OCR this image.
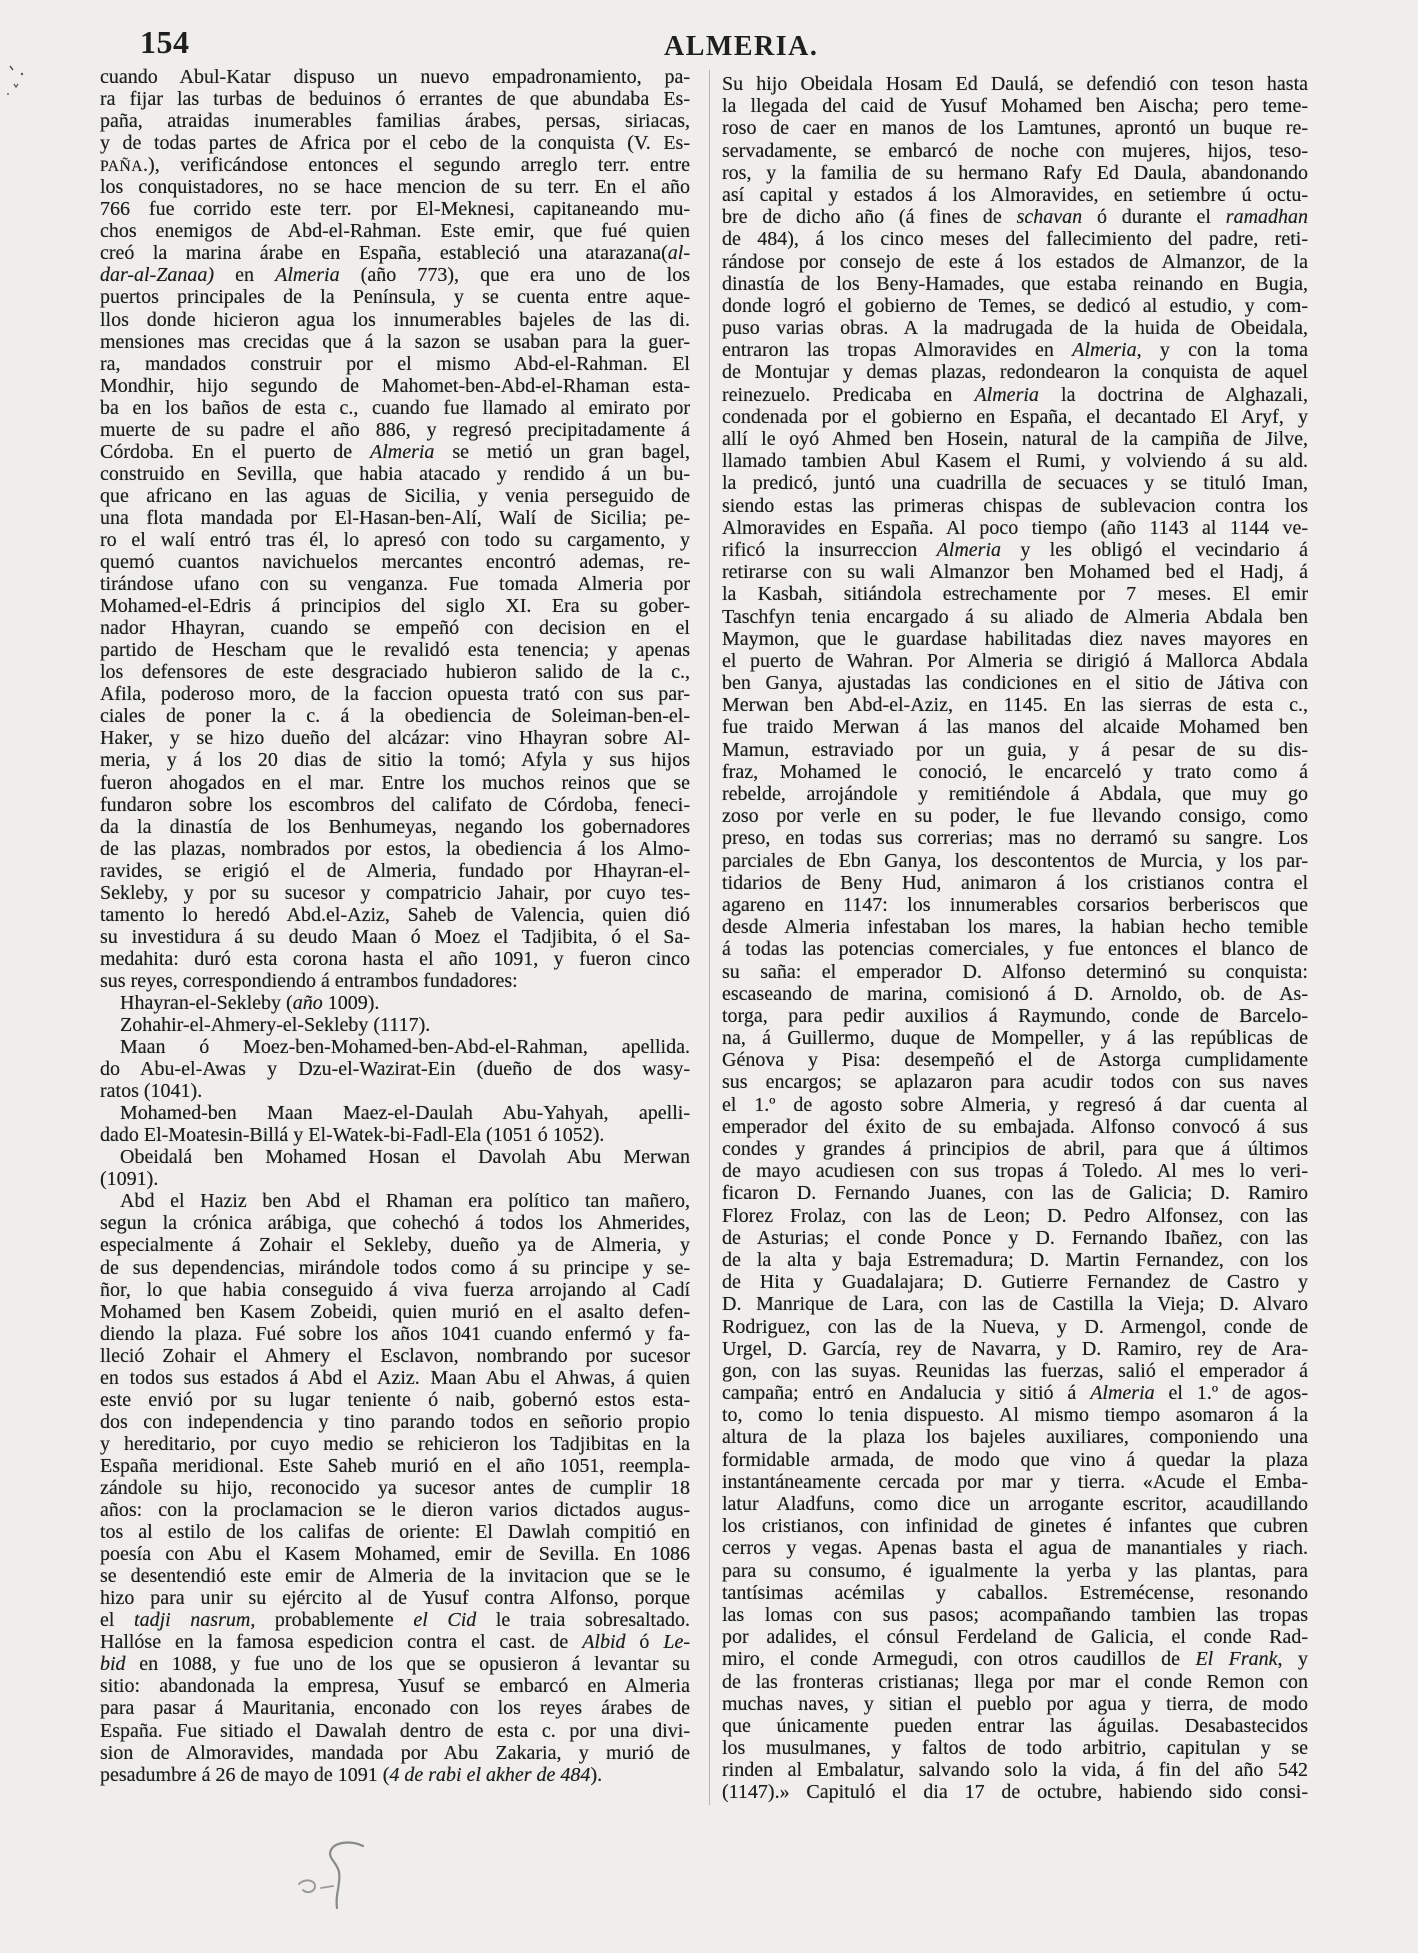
154	ALMERIA.
cuando Abul-Katar dispuso un nuevo empadronamiento, pa-
ra fijar las turbas de beduinos ó errantes de que abundaba Es-
paña, atraidas inumerables familias árabes, persas, siriacas,
y de todas partes de Africa por el cebo de la conquista (V. Es-
PAÑA.), verificándose entonces el segundo arreglo terr. entre
los conquistadores, no se hace mencion de su terr. En el año
766 fue corrido este terr. por El-Meknesi, capitaneando mu-
chos enemigos de Abd-el-Rahman. Este emir, que fué quien
creó la marina árabe en España, estableció una atarazana(al-
dar-al-Zanaa) en Almeria (año 773), que era uno de los
puertos principales de la Península, y se cuenta entre aque-
llos donde hicieron agua los innumerables bajeles de las di.
mensiones mas crecidas que á la sazon se usaban para la guer-
ra, mandados construir por el mismo Abd-el-Rahman. El
Mondhir, hijo segundo de Mahomet-ben-Abd-el-Rhaman esta-
ba en los baños de esta c., cuando fue llamado al emirato por
muerte de su padre el año 886, y regresó precipitadamente á
Córdoba. En el puerto de Almeria se metió un gran bagel,
construido en Sevilla, que habia atacado y rendido á un bu-
que africano en las aguas de Sicilia, y venia perseguido de
una flota mandada por El-Hasan-ben-Alí, Walí de Sicilia; pe-
ro el walí entró tras él, lo apresó con todo su cargamento, y
quemó cuantos navichuelos mercantes encontró ademas, re-
tirándose ufano con su venganza. Fue tomada Almeria por
Mohamed-el-Edris á principios del siglo XI. Era su gober-
nador Hhayran, cuando se empeñó con decision en el
partido de Hescham que le revalidó esta tenencia; y apenas
los defensores de este desgraciado hubieron salido de la c.,
Afila, poderoso moro, de la faccion opuesta trató con sus par-
ciales de poner la c. á la obediencia de Soleiman-ben-el-
Haker, y se hizo dueño del alcázar: vino Hhayran sobre Al-
meria, y á los 20 dias de sitio la tomó; Afyla y sus hijos
fueron ahogados en el mar. Entre los muchos reinos que se
fundaron sobre los escombros del califato de Córdoba, feneci-
da la dinastía de los Benhumeyas, negando los gobernadores
de las plazas, nombrados por estos, la obediencia á los Almo-
ravides, se erigió el de Almeria, fundado por Hhayran-el-
Sekleby, y por su sucesor y compatricio Jahair, por cuyo tes-
tamento lo heredó Abd.el-Aziz, Saheb de Valencia, quien dió
su investidura á su deudo Maan ó Moez el Tadjibita, ó el Sa-
medahita: duró esta corona hasta el año 1091, y fueron cinco
sus reyes, correspondiendo á entrambos fundadores:
Hhayran-el-Sekleby (año 1009).
Zohahir-el-Ahmery-el-Sekleby (1117).
Maan ó Moez-ben-Mohamed-ben-Abd-el-Rahman, apellida.
do Abu-el-Awas y Dzu-el-Wazirat-Ein (dueño de dos wasy-
ratos (1041).
Mohamed-ben Maan Maez-el-Daulah Abu-Yahyah, apelli-
dado El-Moatesin-Billá y El-Watek-bi-Fadl-Ela (1051 ó 1052).
Obeidalá ben Mohamed Hosan el Davolah Abu Merwan
(1091).
Abd el Haziz ben Abd el Rhaman era político tan mañero,
segun la crónica arábiga, que cohechó á todos los Ahmerides,
especialmente á Zohair el Sekleby, dueño ya de Almeria, y
de sus dependencias, mirándole todos como á su principe y se-
ñor, lo que habia conseguido á viva fuerza arrojando al Cadí
Mohamed ben Kasem Zobeidi, quien murió en el asalto defen-
diendo la plaza. Fué sobre los años 1041 cuando enfermó y fa-
lleció Zohair el Ahmery el Esclavon, nombrando por sucesor
en todos sus estados á Abd el Aziz. Maan Abu el Ahwas, á quien
este envió por su lugar teniente ó naib, gobernó estos esta-
dos con independencia y tino parando todos en señorio propio
y hereditario, por cuyo medio se rehicieron los Tadjibitas en la
España meridional. Este Saheb murió en el año 1051, reempla-
zándole su hijo, reconocido ya sucesor antes de cumplir 18
años: con la proclamacion se le dieron varios dictados augus-
tos al estilo de los califas de oriente: El Dawlah compitió en
poesía con Abu el Kasem Mohamed, emir de Sevilla. En 1086
se desentendió este emir de Almeria de la invitacion que se le
hizo para unir su ejército al de Yusuf contra Alfonso, porque
el tadji nasrum, probablemente el Cid le traia sobresaltado.
Hallóse en la famosa espedicion contra el cast. de Albid ó Le-
bid en 1088, y fue uno de los que se opusieron á levantar su
sitio: abandonada la empresa, Yusuf se embarcó en Almeria
para pasar á Mauritania, enconado con los reyes árabes de
España. Fue sitiado el Dawalah dentro de esta c. por una divi-
sion de Almoravides, mandada por Abu Zakaria, y murió de
pesadumbre á 26 de mayo de 1091 (4 de rabi el akher de 484).
Su hijo Obeidala Hosam Ed Daulá, se defendió con teson hasta
la llegada del caid de Yusuf Mohamed ben Aischa; pero teme-
roso de caer en manos de los Lamtunes, aprontó un buque re-
servadamente, se embarcó de noche con mujeres, hijos, teso-
ros, y la familia de su hermano Rafy Ed Daula, abandonando
así capital y estados á los Almoravides, en setiembre ú octu-
bre de dicho año (á fines de schavan ó durante el ramadhan
de 484), á los cinco meses del fallecimiento del padre, reti-
rándose por consejo de este á los estados de Almanzor, de la
dinastía de los Beny-Hamades, que estaba reinando en Bugia,
donde logró el gobierno de Temes, se dedicó al estudio, y com-
puso varias obras. A la madrugada de la huida de Obeidala,
entraron las tropas Almoravides en Almeria, y con la toma
de Montujar y demas plazas, redondearon la conquista de aquel
reinezuelo. Predicaba en Almeria la doctrina de Alghazali,
condenada por el gobierno en España, el decantado El Aryf, y
allí le oyó Ahmed ben Hosein, natural de la campiña de Jilve,
llamado tambien Abul Kasem el Rumi, y volviendo á su ald.
la predicó, juntó una cuadrilla de secuaces y se tituló Iman,
siendo estas las primeras chispas de sublevacion contra los
Almoravides en España. Al poco tiempo (año 1143 al 1144 ve-
rificó la insurreccion Almeria y les obligó el vecindario á
retirarse con su wali Almanzor ben Mohamed bed el Hadj, á
la Kasbah, sitiándola estrechamente por 7 meses. El emir
Taschfyn tenia encargado á su aliado de Almeria Abdala ben
Maymon, que le guardase habilitadas diez naves mayores en
el puerto de Wahran. Por Almeria se dirigió á Mallorca Abdala
ben Ganya, ajustadas las condiciones en el sitio de Játiva con
Merwan ben Abd-el-Aziz, en 1145. En las sierras de esta c.,
fue traido Merwan á las manos del alcaide Mohamed ben
Mamun, estraviado por un guia, y á pesar de su dis-
fraz, Mohamed le conoció, le encarceló y trato como á
rebelde, arrojándole y remitiéndole á Abdala, que muy go
zoso por verle en su poder, le fue llevando consigo, como
preso, en todas sus correrias; mas no derramó su sangre. Los
parciales de Ebn Ganya, los descontentos de Murcia, y los par-
tidarios de Beny Hud, animaron á los cristianos contra el
agareno en 1147: los innumerables corsarios berberiscos que
desde Almeria infestaban los mares, la habian hecho temible
á todas las potencias comerciales, y fue entonces el blanco de
su saña: el emperador D. Alfonso determinó su conquista:
escaseando de marina, comisionó á D. Arnoldo, ob. de As-
torga, para pedir auxilios á Raymundo, conde de Barcelo-
na, á Guillermo, duque de Mompeller, y á las repúblicas de
Génova y Pisa: desempeñó el de Astorga cumplidamente
sus encargos; se aplazaron para acudir todos con sus naves
el 1.º de agosto sobre Almeria, y regresó á dar cuenta al
emperador del éxito de su embajada. Alfonso convocó á sus
condes y grandes á principios de abril, para que á últimos
de mayo acudiesen con sus tropas á Toledo. Al mes lo veri-
ficaron D. Fernando Juanes, con las de Galicia; D. Ramiro
Florez Frolaz, con las de Leon; D. Pedro Alfonsez, con las
de Asturias; el conde Ponce y D. Fernando Ibañez, con las
de la alta y baja Estremadura; D. Martin Fernandez, con los
de Hita y Guadalajara; D. Gutierre Fernandez de Castro y
D. Manrique de Lara, con las de Castilla la Vieja; D. Alvaro
Rodriguez, con las de la Nueva, y D. Armengol, conde de
Urgel, D. García, rey de Navarra, y D. Ramiro, rey de Ara-
gon, con las suyas. Reunidas las fuerzas, salió el emperador á
campaña; entró en Andalucia y sitió á Almeria el 1.º de agos-
to, como lo tenia dispuesto. Al mismo tiempo asomaron á la
altura de la plaza los bajeles auxiliares, componiendo una
formidable armada, de modo que vino á quedar la plaza
instantáneamente cercada por mar y tierra. «Acude el Emba-
latur Aladfuns, como dice un arrogante escritor, acaudillando
los cristianos, con infinidad de ginetes é infantes que cubren
cerros y vegas. Apenas basta el agua de manantiales y riach.
para su consumo, é igualmente la yerba y las plantas, para
tantísimas acémilas y caballos. Estremécense, resonando
las lomas con sus pasos; acompañando tambien las tropas
por adalides, el cónsul Ferdeland de Galicia, el conde Rad-
miro, el conde Armegudi, con otros caudillos de El Frank, y
de las fronteras cristianas; llega por mar el conde Remon con
muchas naves, y sitian el pueblo por agua y tierra, de modo
que únicamente pueden entrar las águilas. Desabastecidos
los musulmanes, y faltos de todo arbitrio, capitulan y se
rinden al Embalatur, salvando solo la vida, á fin del año 542
(1147).» Capituló el dia 17 de octubre, habiendo sido consi-
